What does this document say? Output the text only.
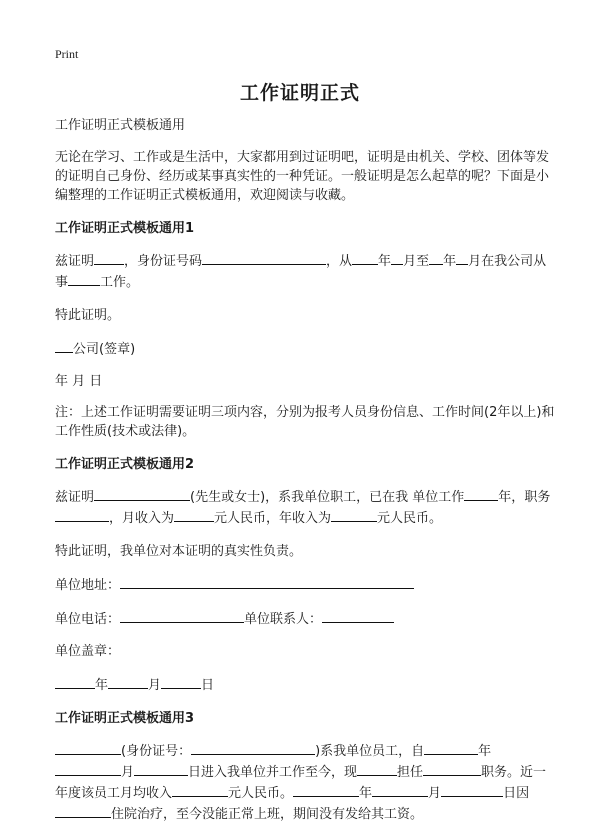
Print
工作证明正式

工作证明正式模板通用

无论在学习、工作或是生活中，大家都用到过证明吧，证明是由机关、学校、团体等发的证明自己身份、经历或某事真实性的一种凭证。一般证明是怎么起草的呢？下面是小编整理的工作证明正式模板通用，欢迎阅读与收藏。

工作证明正式模板通用1

兹证明 ，身份证号码	，从 年 月至 年 月在我公司从事 工作。

特此证明。

公司(签章)

年 月 日

注：上述工作证明需要证明三项内容，分别为报考人员身份信息、工作时间(2年以上)和工作性质(技术或法律)。

工作证明正式模板通用2

兹证明	(先生或女士)，系我单位职工，已在我 单位工作	年，职务，月收入为	元人民币，年收入为	元人民币。

特此证明，我单位对本证明的真实性负责。

单位地址：

单位电话：	单位联系人：

单位盖章：

年	月	日

工作证明正式模板通用3

(身份证号：	)系我单位员工，自	年月	日进入我单位并工作至今，现	担任	职务。近一年度该员工月均收入	元人民币。	年	月	日因住院治疗，至今没能正常上班，期间没有发给其工资。
